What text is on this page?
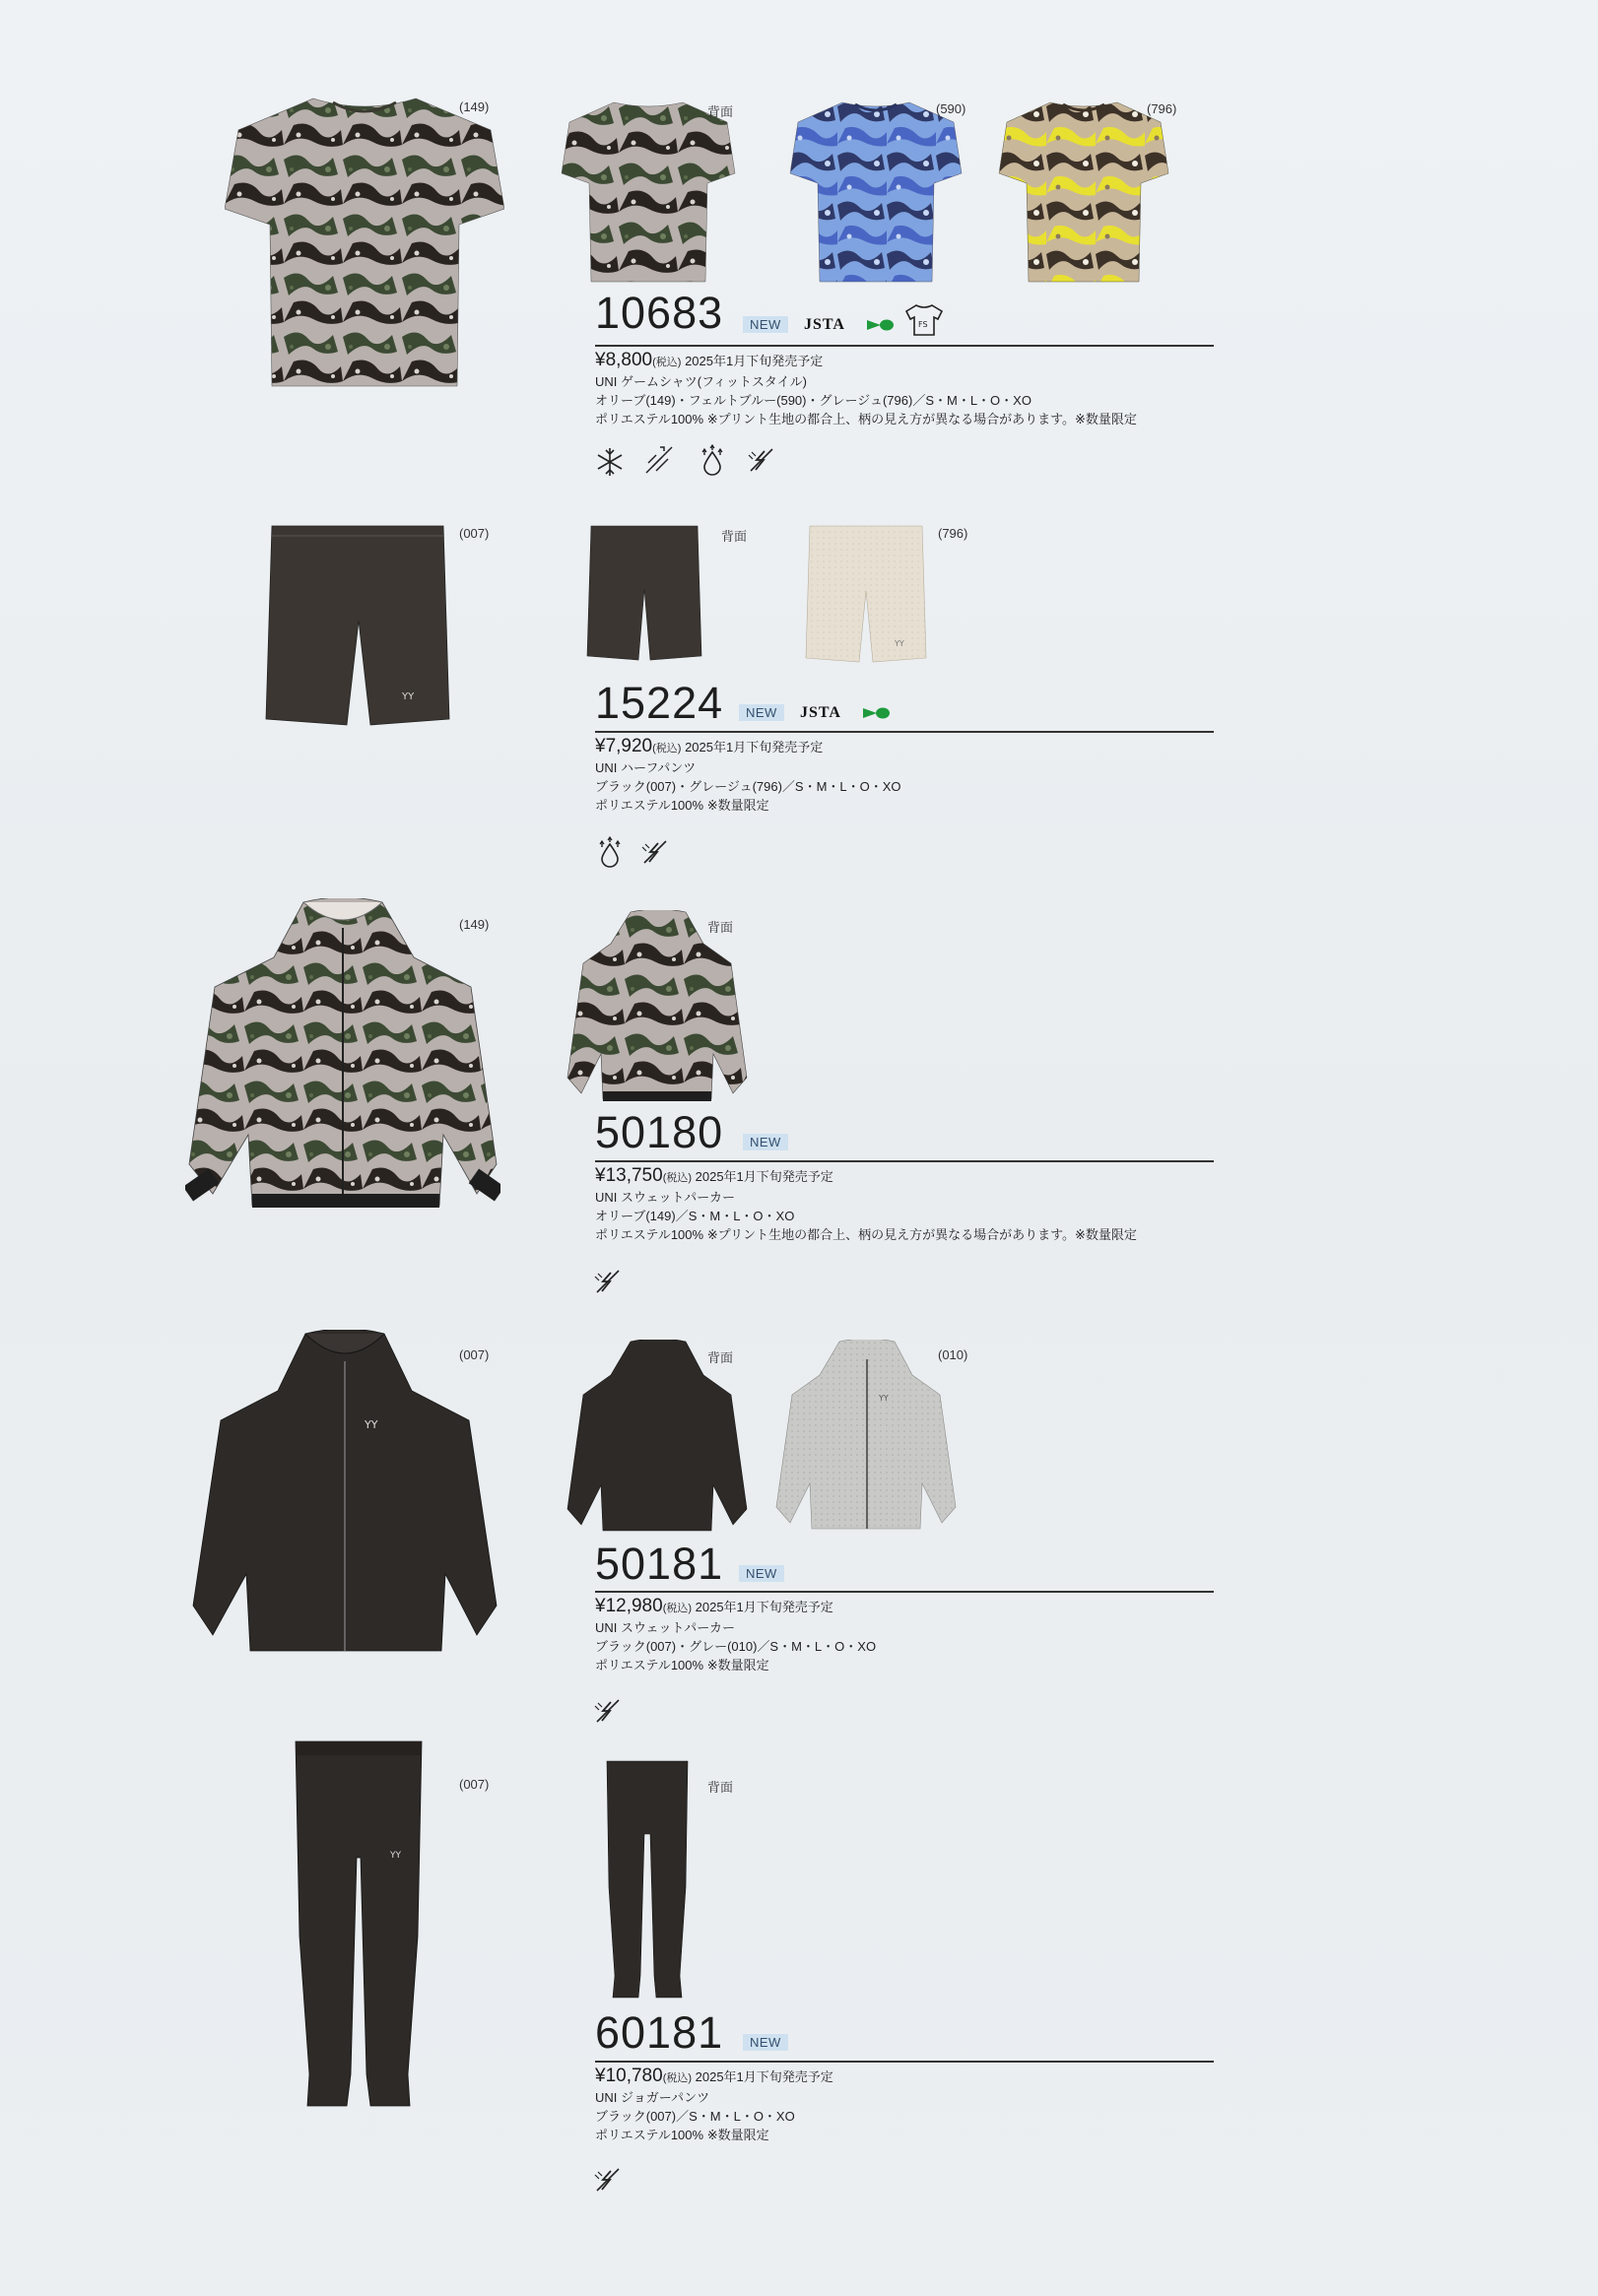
(149)	背面	(590)	(796)
10683	NEW	JSTA	FS
¥8,800(税込) 2025年1月下旬発売予定
UNI ゲームシャツ(フィットスタイル)
オリーブ(149)・フェルトブルー(590)・グレージュ(796)／S・M・L・O・XO
ポリエステル100% ※プリント生地の都合上、柄の見え方が異なる場合があります。※数量限定
YY
(007)	背面
YY
(796)
15224	NEW	JSTA
¥7,920(税込) 2025年1月下旬発売予定
UNI ハーフパンツ
ブラック(007)・グレージュ(796)／S・M・L・O・XO
ポリエステル100% ※数量限定
(149)	背面
50180	NEW
¥13,750(税込) 2025年1月下旬発売予定
UNI スウェットパーカー
オリーブ(149)／S・M・L・O・XO
ポリエステル100% ※プリント生地の都合上、柄の見え方が異なる場合があります。※数量限定
YY
(007)	背面
YY
(010)
50181	NEW
¥12,980(税込) 2025年1月下旬発売予定
UNI スウェットパーカー
ブラック(007)・グレー(010)／S・M・L・O・XO
ポリエステル100% ※数量限定
YY
(007)	背面
60181	NEW
¥10,780(税込) 2025年1月下旬発売予定
UNI ジョガーパンツ
ブラック(007)／S・M・L・O・XO
ポリエステル100% ※数量限定
